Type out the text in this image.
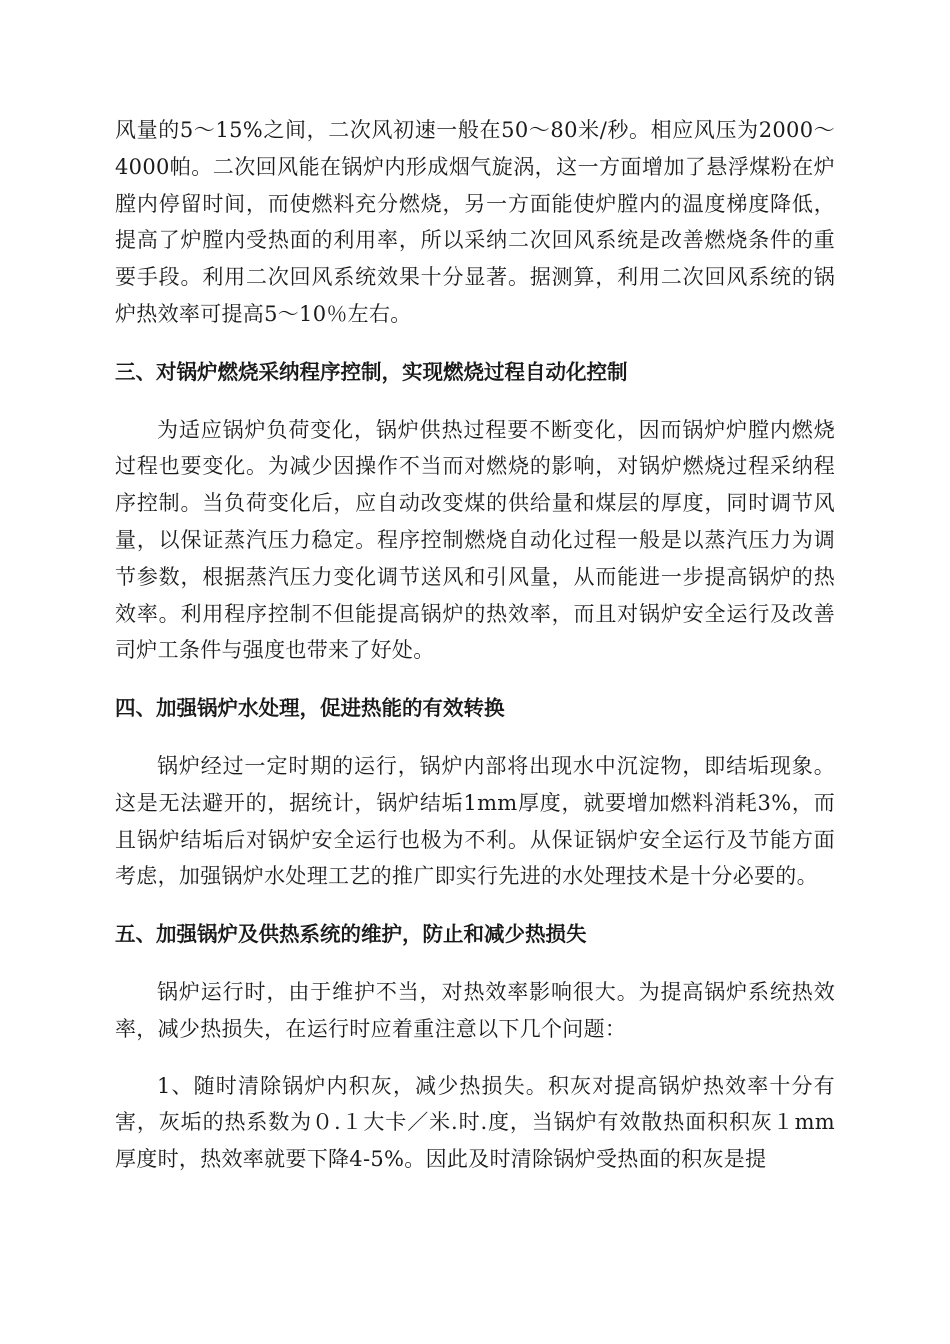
风量的5～15%之间，二次风初速一般在50～80米/秒。相应风压为2000～4000帕。二次回风能在锅炉内形成烟气旋涡，这一方面增加了悬浮煤粉在炉膛内停留时间，而使燃料充分燃烧，另一方面能使炉膛内的温度梯度降低，提高了炉膛内受热面的利用率，所以采纳二次回风系统是改善燃烧条件的重要手段。利用二次回风系统效果十分显著。据测算，利用二次回风系统的锅炉热效率可提高5～10％左右。

三、对锅炉燃烧采纳程序控制，实现燃烧过程自动化控制

为适应锅炉负荷变化，锅炉供热过程要不断变化，因而锅炉炉膛内燃烧过程也要变化。为减少因操作不当而对燃烧的影响，对锅炉燃烧过程采纳程序控制。当负荷变化后，应自动改变煤的供给量和煤层的厚度，同时调节风量，以保证蒸汽压力稳定。程序控制燃烧自动化过程一般是以蒸汽压力为调节参数，根据蒸汽压力变化调节送风和引风量，从而能进一步提高锅炉的热效率。利用程序控制不但能提高锅炉的热效率，而且对锅炉安全运行及改善司炉工条件与强度也带来了好处。

四、加强锅炉水处理，促进热能的有效转换

锅炉经过一定时期的运行，锅炉内部将出现水中沉淀物，即结垢现象。这是无法避开的，据统计，锅炉结垢1mm厚度，就要增加燃料消耗3%，而且锅炉结垢后对锅炉安全运行也极为不利。从保证锅炉安全运行及节能方面考虑，加强锅炉水处理工艺的推广即实行先进的水处理技术是十分必要的。

五、加强锅炉及供热系统的维护，防止和减少热损失

锅炉运行时，由于维护不当，对热效率影响很大。为提高锅炉系统热效率，减少热损失，在运行时应着重注意以下几个问题：

1、随时清除锅炉内积灰，减少热损失。积灰对提高锅炉热效率十分有害，灰垢的热系数为０.１大卡／米.时.度，当锅炉有效散热面积积灰１mm厚度时，热效率就要下降4-5%。因此及时清除锅炉受热面的积灰是提
